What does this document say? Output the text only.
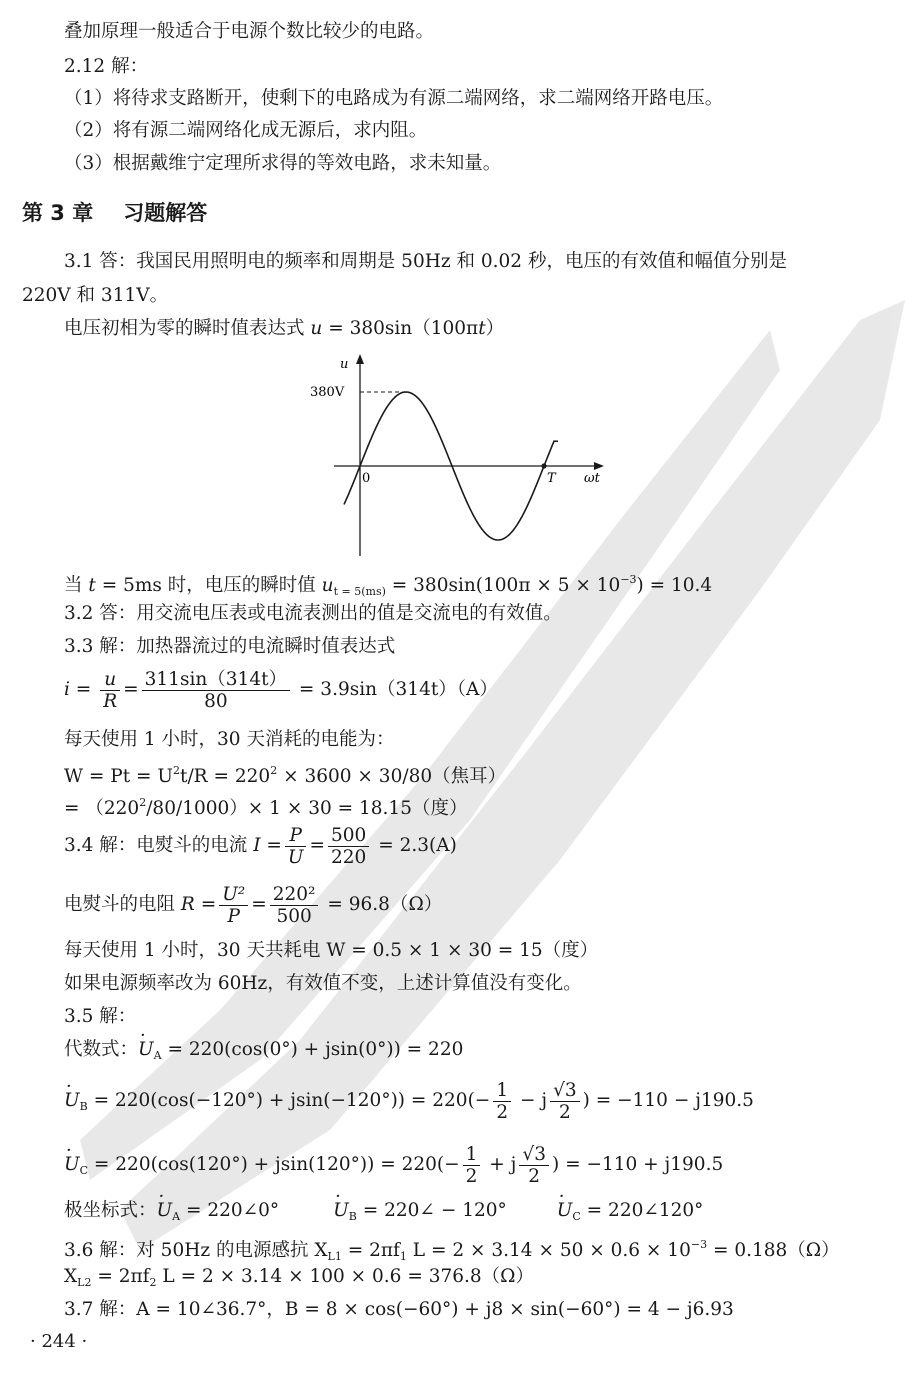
叠加原理一般适合于电源个数比较少的电路。
2.12 解：
（1）将待求支路断开，使剩下的电路成为有源二端网络，求二端网络开路电压。
（2）将有源二端网络化成无源后，求内阻。
（3）根据戴维宁定理所求得的等效电路，求未知量。
第 3 章 习题解答
3.1 答：我国民用照明电的频率和周期是 50Hz 和 0.02 秒，电压的有效值和幅值分别是
220V 和 311V。
电压初相为零的瞬时值表达式 u = 380sin（100πt）
u
380V
0	T ωt
当 t = 5ms 时，电压的瞬时值 $u_{t = 5(ms)} = 380\sin(100\pi \times 5 \times 10^{-3}) = 10.4$
3.2 答：用交流电压表或电流表测出的值是交流电的有效值。
3.3 解：加热器流过的电流瞬时值表达式
$i = \frac{u}{R} = \frac{311\sin(314t)}{80} = 3.9\sin(314t)(A)$
每天使用 1 小时，30 天消耗的电能为：
$W = Pt = U^2t/R = 220^2 \times 3600 \times 30/80$（焦耳）
= $(220^2/80/1000)\times 1 \times 30 = 18.15$（度）
3.4 解：电熨斗的电流 $I = \frac{P}{U} = \frac{500}{220} = 2.3(A)$
电熨斗的电阻 $R = \frac{\text{U²}}{P} = \frac{\text{220²}}{500} = 96.8(\Omega)$
每天使用 1 小时，30 天共耗电 W = 0.5 × 1 × 30 = 15（度）
如果电源频率改为 60Hz，有效值不变，上述计算值没有变化。
3.5 解：
代数式：· $U_A = 220(\cos(0^\circ) + jsin(0^\circ)) = 220$
· $U_B = 220(\cos(-120^\circ) + jsin(-120^\circ)) = 220(- \frac{1}{2} - j \frac{√3}{2}$ ) = −110 − j190.5
· $U_C = 220(\cos(120^\circ) + jsin(120^\circ)) = 220(- \frac{1}{2} + j \frac{√3}{2}$ ) = −110 + j190.5
极坐标式：· $U_A$ = 220∠0°	· $U_B$ = 220∠ − 120°	· $U_C$ = 220∠120°
3.6 解：对 50Hz 的电源感抗 $X_{L1} = 2\pi f_1$ $L = 2 \times 3.14 \times 50 \times 0.6 \times 10^{-3} = 0.188(\Omega)$
$X_{L2} = 2\pi f_2$ L = 2 × 3.14 × 100 × 0.6 = 376.8（Ω）
3.7 解：A = 10∠36.7°，B = 8 × cos(−60°) + j8 × sin(−60°) = 4 − j6.93
· 244 ·
